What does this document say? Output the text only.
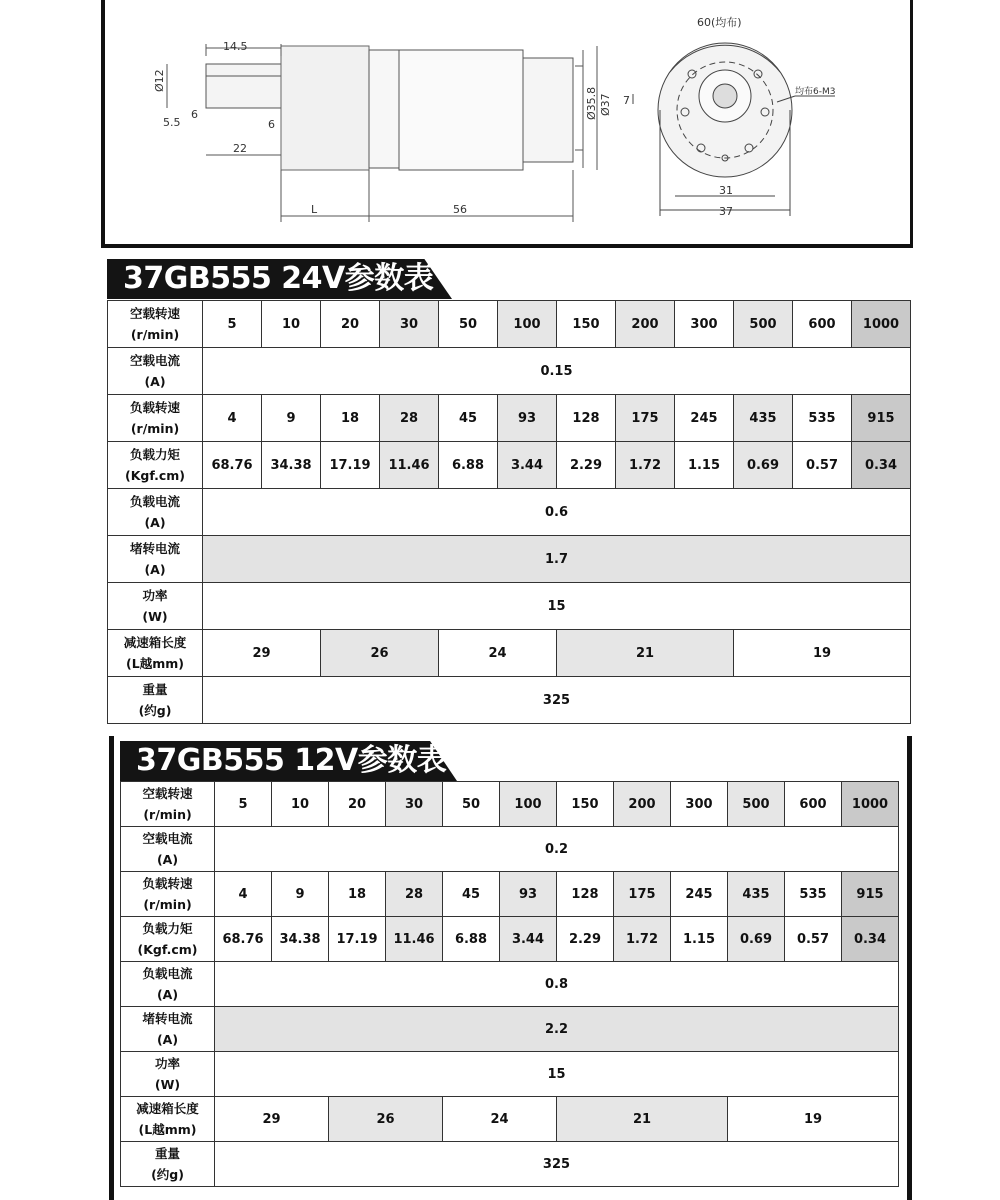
14.5
Ø12
5.5
6
6
22
L	56
Ø35.8 Ø37
60(均布)
7
均布6-M3
31
37
37GB555 24V参数表
空载转速
(r/min)	5	10	20	30	50	100	150	200	300	500	600	1000
空载电流
(A)	0.15											
负载转速
(r/min)	4	9	18	28	45	93	128	175	245	435	535	915
负载力矩
(Kgf.cm)	68.76	34.38	17.19	11.46	6.88	3.44	2.29	1.72	1.15	0.69	0.57	0.34
负载电流
(A)	0.6											
堵转电流
(A)	1.7											
功率
(W)	15											
减速箱长度
(L越mm)	29		26		24		21			19		
重量
(约g)	325											
37GB555 12V参数表
空载转速
(r/min)	5	10	20	30	50	100	150	200	300	500	600	1000
空载电流
(A)	0.2											
负载转速
(r/min)	4	9	18	28	45	93	128	175	245	435	535	915
负载力矩
(Kgf.cm)	68.76	34.38	17.19	11.46	6.88	3.44	2.29	1.72	1.15	0.69	0.57	0.34
负载电流
(A)	0.8											
堵转电流
(A)	2.2											
功率
(W)	15											
减速箱长度
(L越mm)	29		26		24		21			19		
重量
(约g)	325											
